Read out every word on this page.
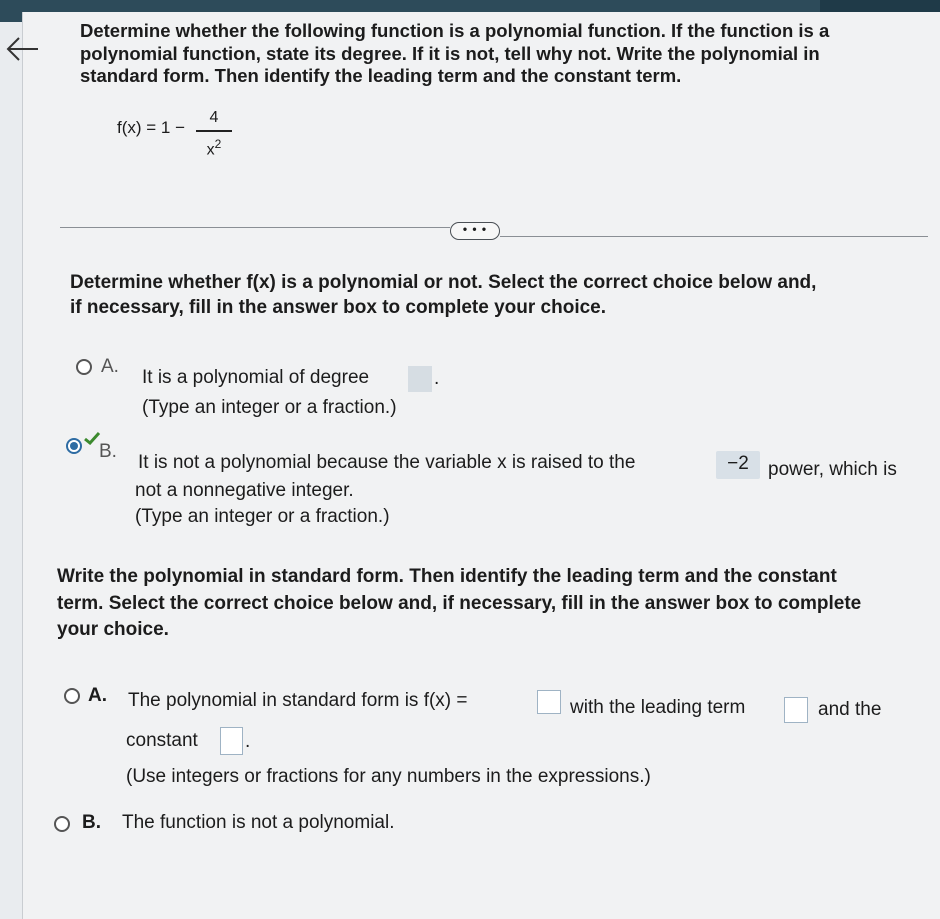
Determine whether the following function is a polynomial function. If the function is a
polynomial function, state its degree. If it is not, tell why not. Write the polynomial in
standard form. Then identify the leading term and the constant term.
f(x) = 1 −
4
$x^2$
• • •
Determine whether f(x) is a polynomial or not. Select the correct choice below and,
if necessary, fill in the answer box to complete your choice.
A.
It is a polynomial of degree	.
(Type an integer or a fraction.)
B.
It is not a polynomial because the variable x is raised to the	−2	power, which is
not a nonnegative integer.
(Type an integer or a fraction.)
Write the polynomial in standard form. Then identify the leading term and the constant
term. Select the correct choice below and, if necessary, fill in the answer box to complete
your choice.
A. The polynomial in standard form is f(x) =	with the leading term	and the
constant .
(Use integers or fractions for any numbers in the expressions.)
B. The function is not a polynomial.
